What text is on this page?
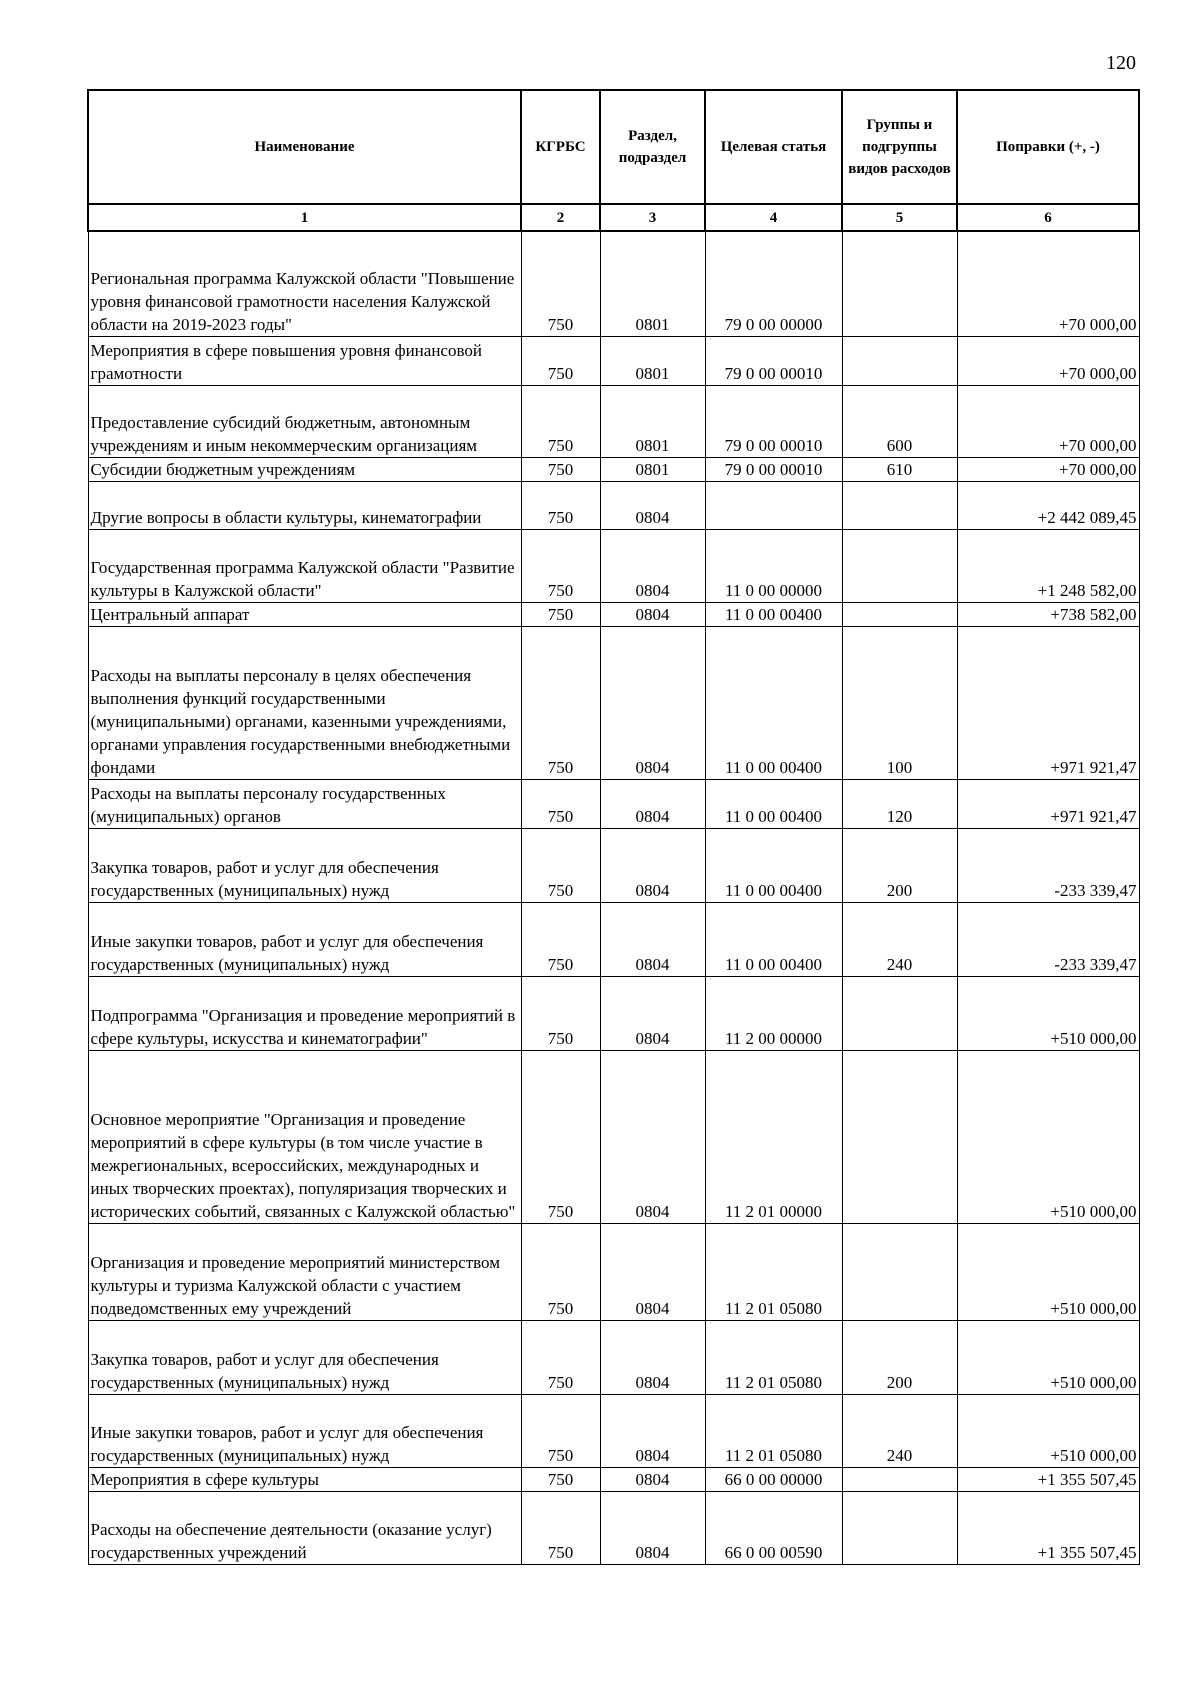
120
Наименование	КГРБС	Раздел, подраздел	Целевая статья	Группы и подгруппы видов расходов	Поправки (+, -)
1	2	3	4	5	6
Региональная программа Калужской области "Повышение уровня финансовой грамотности населения Калужской области на 2019-2023 годы"	750	0801	79 0 00 00000		+70 000,00
Мероприятия в сфере повышения уровня финансовой грамотности	750	0801	79 0 00 00010		+70 000,00
Предоставление субсидий бюджетным, автономным учреждениям и иным некоммерческим организациям	750	0801	79 0 00 00010	600	+70 000,00
Субсидии бюджетным учреждениям	750	0801	79 0 00 00010	610	+70 000,00
Другие вопросы в области культуры, кинематографии	750	0804			+2 442 089,45
Государственная программа Калужской области "Развитие культуры в Калужской области"	750	0804	11 0 00 00000		+1 248 582,00
Центральный аппарат	750	0804	11 0 00 00400		+738 582,00
Расходы на выплаты персоналу в целях обеспечения выполнения функций государственными (муниципальными) органами, казенными учреждениями, органами управления государственными внебюджетными фондами	750	0804	11 0 00 00400	100	+971 921,47
Расходы на выплаты персоналу государственных (муниципальных) органов	750	0804	11 0 00 00400	120	+971 921,47
Закупка товаров, работ и услуг для обеспечения государственных (муниципальных) нужд	750	0804	11 0 00 00400	200	-233 339,47
Иные закупки товаров, работ и услуг для обеспечения государственных (муниципальных) нужд	750	0804	11 0 00 00400	240	-233 339,47
Подпрограмма "Организация и проведение мероприятий в сфере культуры, искусства и кинематографии"	750	0804	11 2 00 00000		+510 000,00
Основное мероприятие "Организация и проведение мероприятий в сфере культуры (в том числе участие в межрегиональных, всероссийских, международных и иных творческих проектах), популяризация творческих и исторических событий, связанных с Калужской областью"	750	0804	11 2 01 00000		+510 000,00
Организация и проведение мероприятий министерством культуры и туризма Калужской области с участием подведомственных ему учреждений	750	0804	11 2 01 05080		+510 000,00
Закупка товаров, работ и услуг для обеспечения государственных (муниципальных) нужд	750	0804	11 2 01 05080	200	+510 000,00
Иные закупки товаров, работ и услуг для обеспечения государственных (муниципальных) нужд	750	0804	11 2 01 05080	240	+510 000,00
Мероприятия в сфере культуры	750	0804	66 0 00 00000		+1 355 507,45
Расходы на обеспечение деятельности (оказание услуг) государственных учреждений	750	0804	66 0 00 00590		+1 355 507,45
